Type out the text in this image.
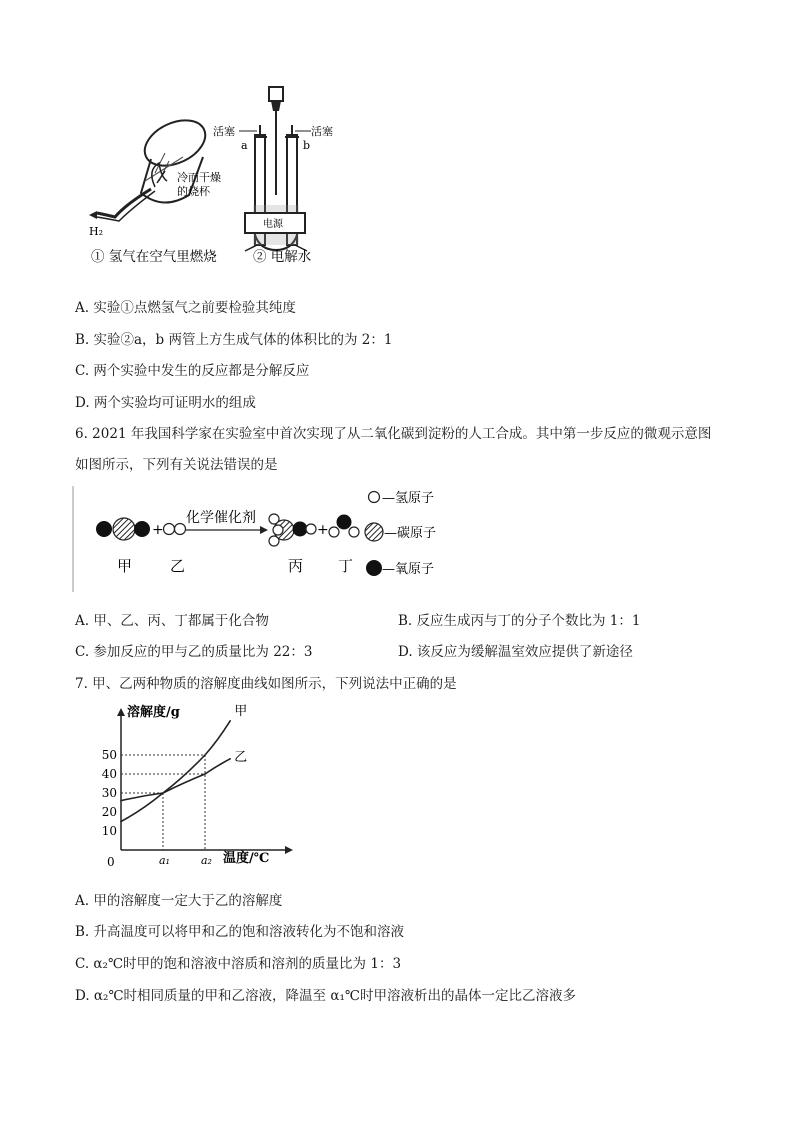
H₂
冷而干燥
的烧杯
电源
活塞	活塞
a	b
① 氢气在空气里燃烧	② 电解水
A. 实验①点燃氢气之前要检验其纯度
B. 实验②a，b 两管上方生成气体的体积比的为 2：1
C. 两个实验中发生的反应都是分解反应
D. 两个实验均可证明水的组成
6. 2021 年我国科学家在实验室中首次实现了从二氧化碳到淀粉的人工合成。其中第一步反应的微观示意图
如图所示，下列有关说法错误的是
+
化学催化剂
+
甲	乙	丙 丁
—氢原子
—碳原子
—氧原子
A. 甲、乙、丙、丁都属于化合物	B. 反应生成丙与丁的分子个数比为 1：1
C. 参加反应的甲与乙的质量比为 22：3	D. 该反应为缓解温室效应提供了新途径
7. 甲、乙两种物质的溶解度曲线如图所示，下列说法中正确的是
溶解度/g
温度/℃
10
20
30
40
50
0	a₁	a₂
甲
乙
A. 甲的溶解度一定大于乙的溶解度
B. 升高温度可以将甲和乙的饱和溶液转化为不饱和溶液
C. α₂℃时甲的饱和溶液中溶质和溶剂的质量比为 1：3
D. α₂℃时相同质量的甲和乙溶液，降温至 α₁℃时甲溶液析出的晶体一定比乙溶液多
